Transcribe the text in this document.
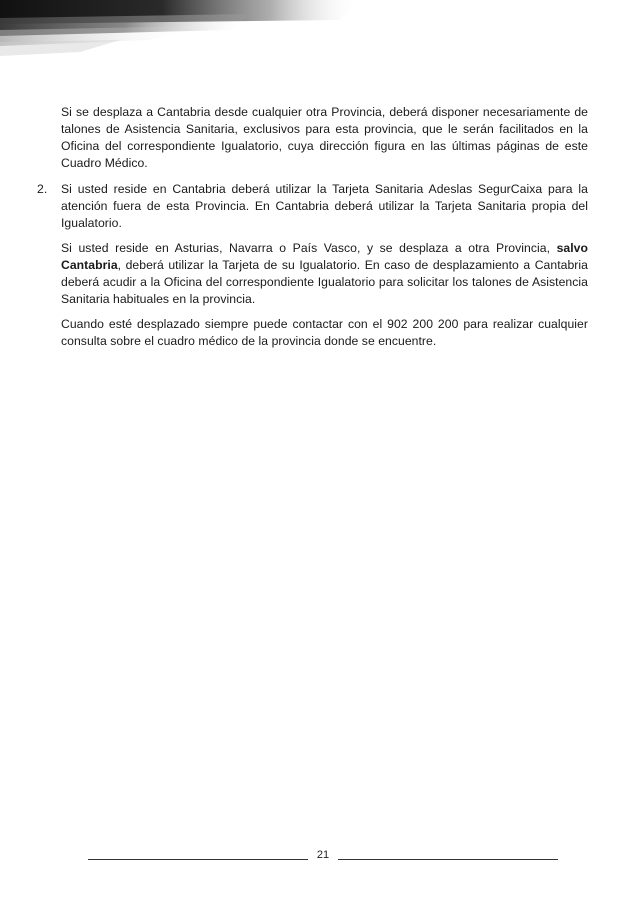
Si se desplaza a Cantabria desde cualquier otra Provincia, deberá disponer necesariamente de talones de Asistencia Sanitaria, exclusivos para esta provincia, que le serán facilitados en la Oficina del correspondiente Igualatorio, cuya dirección figura en las últimas páginas de este Cuadro Médico.

2. Si usted reside en Cantabria deberá utilizar la Tarjeta Sanitaria Adeslas SegurCaixa para la atención fuera de esta Provincia. En Cantabria deberá utilizar la Tarjeta Sanitaria propia del Igualatorio.

Si usted reside en Asturias, Navarra o País Vasco, y se desplaza a otra Provincia, salvo Cantabria, deberá utilizar la Tarjeta de su Igualatorio. En caso de desplazamiento a Cantabria deberá acudir a la Oficina del correspondiente Igualatorio para solicitar los talones de Asistencia Sanitaria habituales en la provincia.

Cuando esté desplazado siempre puede contactar con el 902 200 200 para realizar cualquier consulta sobre el cuadro médico de la provincia donde se encuentre.

21
